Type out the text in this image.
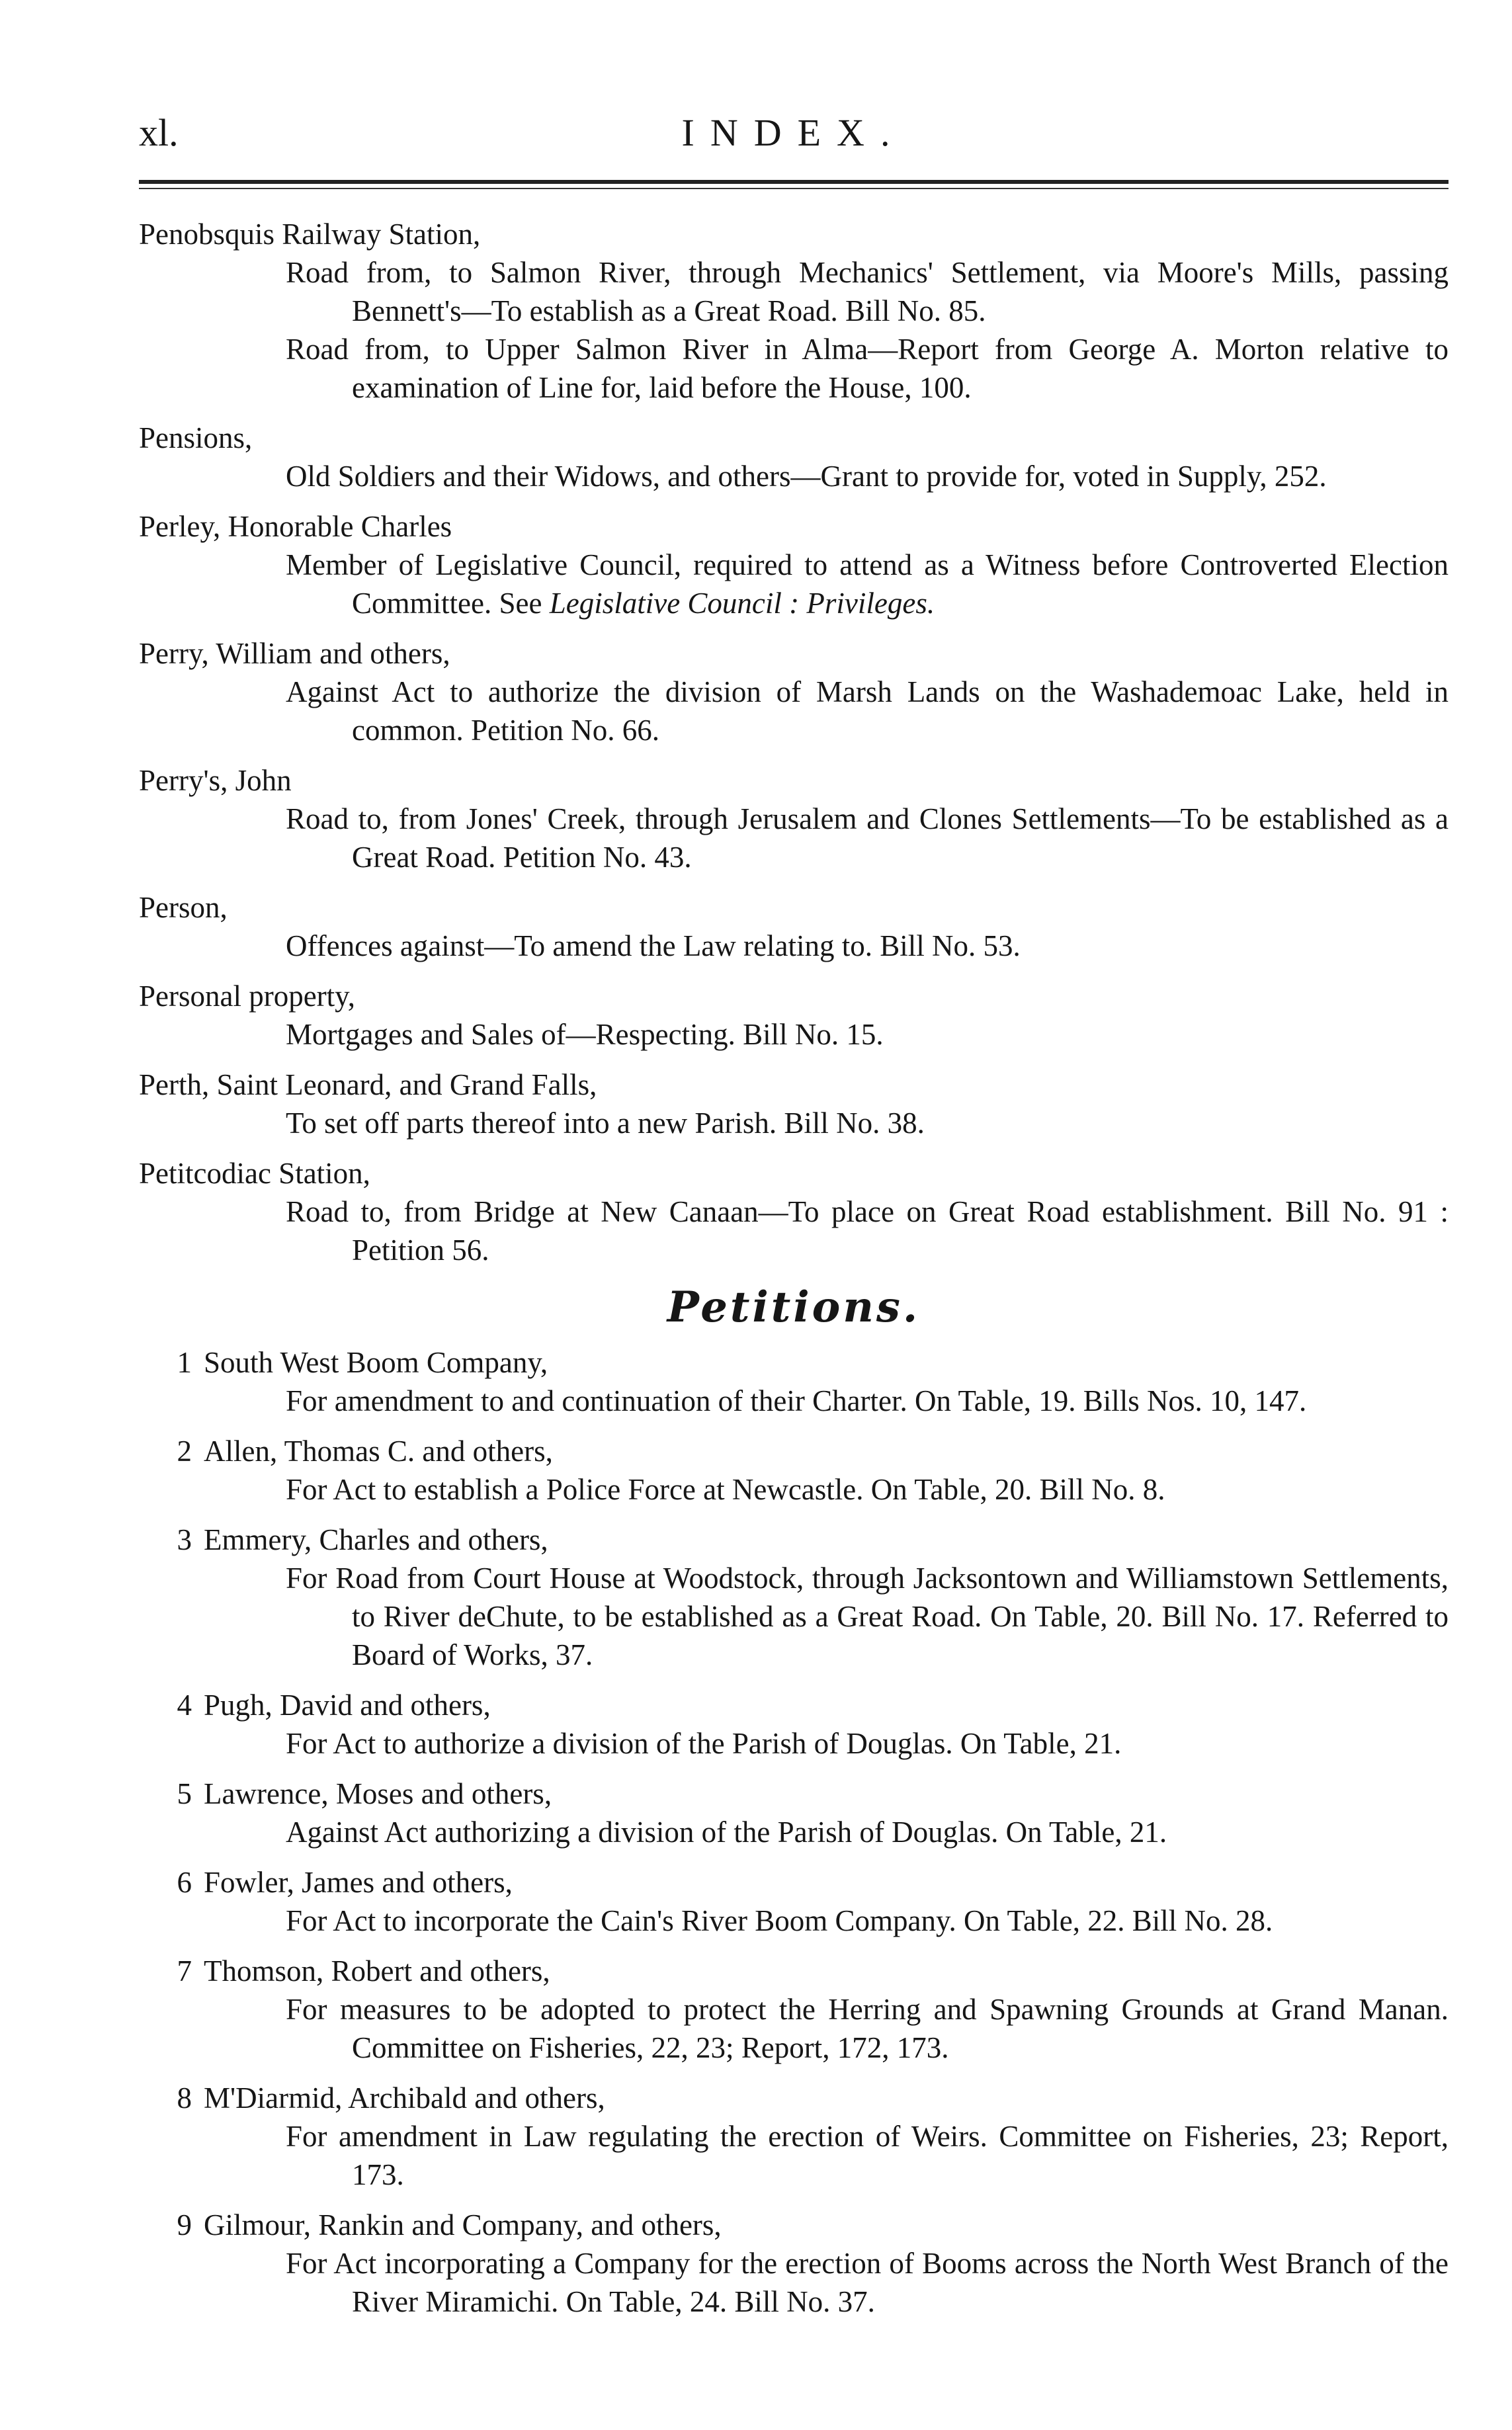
xl.	INDEX.
Penobsquis Railway Station,
Road from, to Salmon River, through Mechanics' Settlement, via Moore's Mills, passing Bennett's—To establish as a Great Road. Bill No. 85.
Road from, to Upper Salmon River in Alma—Report from George A. Morton relative to examination of Line for, laid before the House, 100.
Pensions,
Old Soldiers and their Widows, and others—Grant to provide for, voted in Supply, 252.
Perley, Honorable Charles
Member of Legislative Council, required to attend as a Witness before Controverted Election Committee. See Legislative Council : Privileges.
Perry, William and others,
Against Act to authorize the division of Marsh Lands on the Washademoac Lake, held in common. Petition No. 66.
Perry's, John
Road to, from Jones' Creek, through Jerusalem and Clones Settlements—To be established as a Great Road. Petition No. 43.
Person,
Offences against—To amend the Law relating to. Bill No. 53.
Personal property,
Mortgages and Sales of—Respecting. Bill No. 15.
Perth, Saint Leonard, and Grand Falls,
To set off parts thereof into a new Parish. Bill No. 38.
Petitcodiac Station,
Road to, from Bridge at New Canaan—To place on Great Road establishment. Bill No. 91 : Petition 56.
Petitions.
1 South West Boom Company,
For amendment to and continuation of their Charter. On Table, 19. Bills Nos. 10, 147.
2 Allen, Thomas C. and others,
For Act to establish a Police Force at Newcastle. On Table, 20. Bill No. 8.
3 Emmery, Charles and others,
For Road from Court House at Woodstock, through Jacksontown and Williamstown Settlements, to River deChute, to be established as a Great Road. On Table, 20. Bill No. 17. Referred to Board of Works, 37.
4 Pugh, David and others,
For Act to authorize a division of the Parish of Douglas. On Table, 21.
5 Lawrence, Moses and others,
Against Act authorizing a division of the Parish of Douglas. On Table, 21.
6 Fowler, James and others,
For Act to incorporate the Cain's River Boom Company. On Table, 22. Bill No. 28.
7 Thomson, Robert and others,
For measures to be adopted to protect the Herring and Spawning Grounds at Grand Manan. Committee on Fisheries, 22, 23; Report, 172, 173.
8 M'Diarmid, Archibald and others,
For amendment in Law regulating the erection of Weirs. Committee on Fisheries, 23; Report, 173.
9 Gilmour, Rankin and Company, and others,
For Act incorporating a Company for the erection of Booms across the North West Branch of the River Miramichi. On Table, 24. Bill No. 37.
